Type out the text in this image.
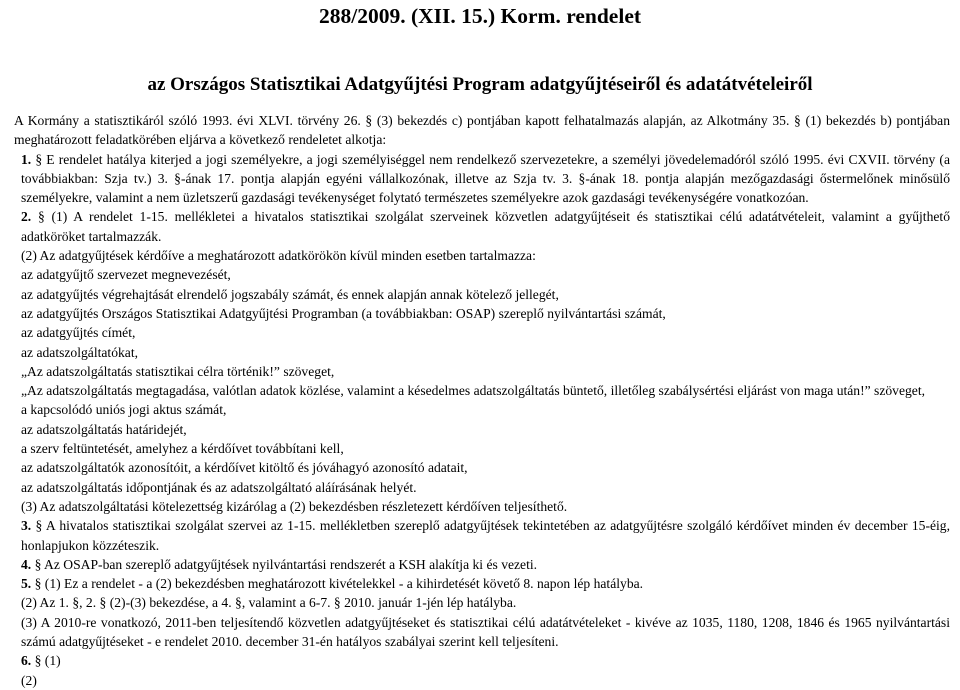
288/2009. (XII. 15.) Korm. rendelet
az Országos Statisztikai Adatgyűjtési Program adatgyűjtéseiről és adatátvételeiről

A Kormány a statisztikáról szóló 1993. évi XLVI. törvény 26. § (3) bekezdés c) pontjában kapott felhatalmazás alapján, az Alkotmány 35. § (1) bekezdés b) pontjában meghatározott feladatkörében eljárva a következő rendeletet alkotja:

1. § E rendelet hatálya kiterjed a jogi személyekre, a jogi személyiséggel nem rendelkező szervezetekre, a személyi jövedelemadóról szóló 1995. évi CXVII. törvény (a továbbiakban: Szja tv.) 3. §-ának 17. pontja alapján egyéni vállalkozónak, illetve az Szja tv. 3. §-ának 18. pontja alapján mezőgazdasági őstermelőnek minősülő személyekre, valamint a nem üzletszerű gazdasági tevékenységet folytató természetes személyekre azok gazdasági tevékenységére vonatkozóan.

2. § (1) A rendelet 1-15. mellékletei a hivatalos statisztikai szolgálat szerveinek közvetlen adatgyűjtéseit és statisztikai célú adatátvételeit, valamint a gyűjthető adatköröket tartalmazzák.

(2) Az adatgyűjtések kérdőíve a meghatározott adatkörökön kívül minden esetben tartalmazza:

az adatgyűjtő szervezet megnevezését,

az adatgyűjtés végrehajtását elrendelő jogszabály számát, és ennek alapján annak kötelező jellegét,

az adatgyűjtés Országos Statisztikai Adatgyűjtési Programban (a továbbiakban: OSAP) szereplő nyilvántartási számát,

az adatgyűjtés címét,

az adatszolgáltatókat,

„Az adatszolgáltatás statisztikai célra történik!” szöveget,

„Az adatszolgáltatás megtagadása, valótlan adatok közlése, valamint a késedelmes adatszolgáltatás büntető, illetőleg szabálysértési eljárást von maga után!” szöveget,

a kapcsolódó uniós jogi aktus számát,

az adatszolgáltatás határidejét,

a szerv feltüntetését, amelyhez a kérdőívet továbbítani kell,

az adatszolgáltatók azonosítóit, a kérdőívet kitöltő és jóváhagyó azonosító adatait,

az adatszolgáltatás időpontjának és az adatszolgáltató aláírásának helyét.

(3) Az adatszolgáltatási kötelezettség kizárólag a (2) bekezdésben részletezett kérdőíven teljesíthető.

3. § A hivatalos statisztikai szolgálat szervei az 1-15. mellékletben szereplő adatgyűjtések tekintetében az adatgyűjtésre szolgáló kérdőívet minden év december 15-éig, honlapjukon közzéteszik.

4. § Az OSAP-ban szereplő adatgyűjtések nyilvántartási rendszerét a KSH alakítja ki és vezeti.

5. § (1) Ez a rendelet - a (2) bekezdésben meghatározott kivételekkel - a kihirdetését követő 8. napon lép hatályba.

(2) Az 1. §, 2. § (2)-(3) bekezdése, a 4. §, valamint a 6-7. § 2010. január 1-jén lép hatályba.

(3) A 2010-re vonatkozó, 2011-ben teljesítendő közvetlen adatgyűjtéseket és statisztikai célú adatátvételeket - kivéve az 1035, 1180, 1208, 1846 és 1965 nyilvántartási számú adatgyűjtéseket - e rendelet 2010. december 31-én hatályos szabályai szerint kell teljesíteni.

6. § (1)

(2)
